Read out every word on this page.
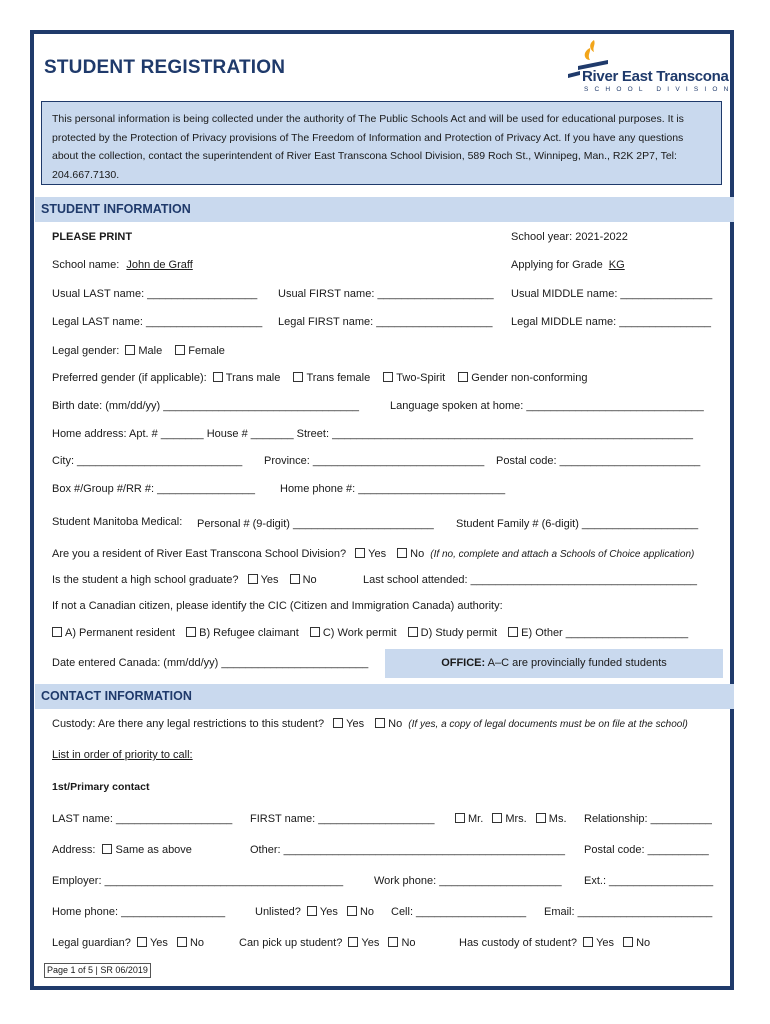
STUDENT REGISTRATION	River East Transcona
SCHOOL DIVISION
This personal information is being collected under the authority of The Public Schools Act and will be used for educational purposes. It is protected by the Protection of Privacy provisions of The Freedom of Information and Protection of Privacy Act. If you have any questions about the collection, contact the superintendent of River East Transcona School Division, 589 Roch St., Winnipeg, Man., R2K 2P7, Tel: 204.667.7130.
STUDENT INFORMATION
PLEASE PRINT	School year: 2021-2022
School name: John de Graff	Applying for Grade KG
Usual LAST name: __________________ Usual FIRST name: ___________________ Usual MIDDLE name: _______________
Legal LAST name: ___________________ Legal FIRST name: ___________________ Legal MIDDLE name: _______________
Legal gender: Male Female
Preferred gender (if applicable): Trans male Trans female Two-Spirit Gender non-conforming
Birth date: (mm/dd/yy) ________________________________	Language spoken at home: _____________________________
Home address: Apt. # _______ House # _______ Street: ___________________________________________________________
City: ___________________________ Province: ____________________________ Postal code: _______________________
Box #/Group #/RR #: ________________ Home phone #: ________________________
Student Manitoba Medical: Personal # (9-digit) _______________________ Student Family # (6-digit) ___________________
Are you a resident of River East Transcona School Division? Yes No (If no, complete and attach a Schools of Choice application)
Is the student a high school graduate? Yes No	Last school attended: _____________________________________
If not a Canadian citizen, please identify the CIC (Citizen and Immigration Canada) authority:
A) Permanent resident B) Refugee claimant C) Work permit D) Study permit E) Other ____________________
Date entered Canada: (mm/dd/yy) ________________________	OFFICE: A–C are provincially funded students
CONTACT INFORMATION
Custody: Are there any legal restrictions to this student? Yes No (If yes, a copy of legal documents must be on file at the school)
List in order of priority to call:
1st/Primary contact
LAST name: ___________________ FIRST name: ___________________	Mr. Mrs. Ms. Relationship: __________
Address: Same as above	Other: ______________________________________________ Postal code: __________
Employer: _______________________________________	Work phone: ____________________ Ext.: _________________
Home phone: _________________	Unlisted? Yes No Cell: __________________ Email: ______________________
Legal guardian? Yes No	Can pick up student? Yes No	Has custody of student? Yes No
Page 1 of 5 | SR 06/2019
